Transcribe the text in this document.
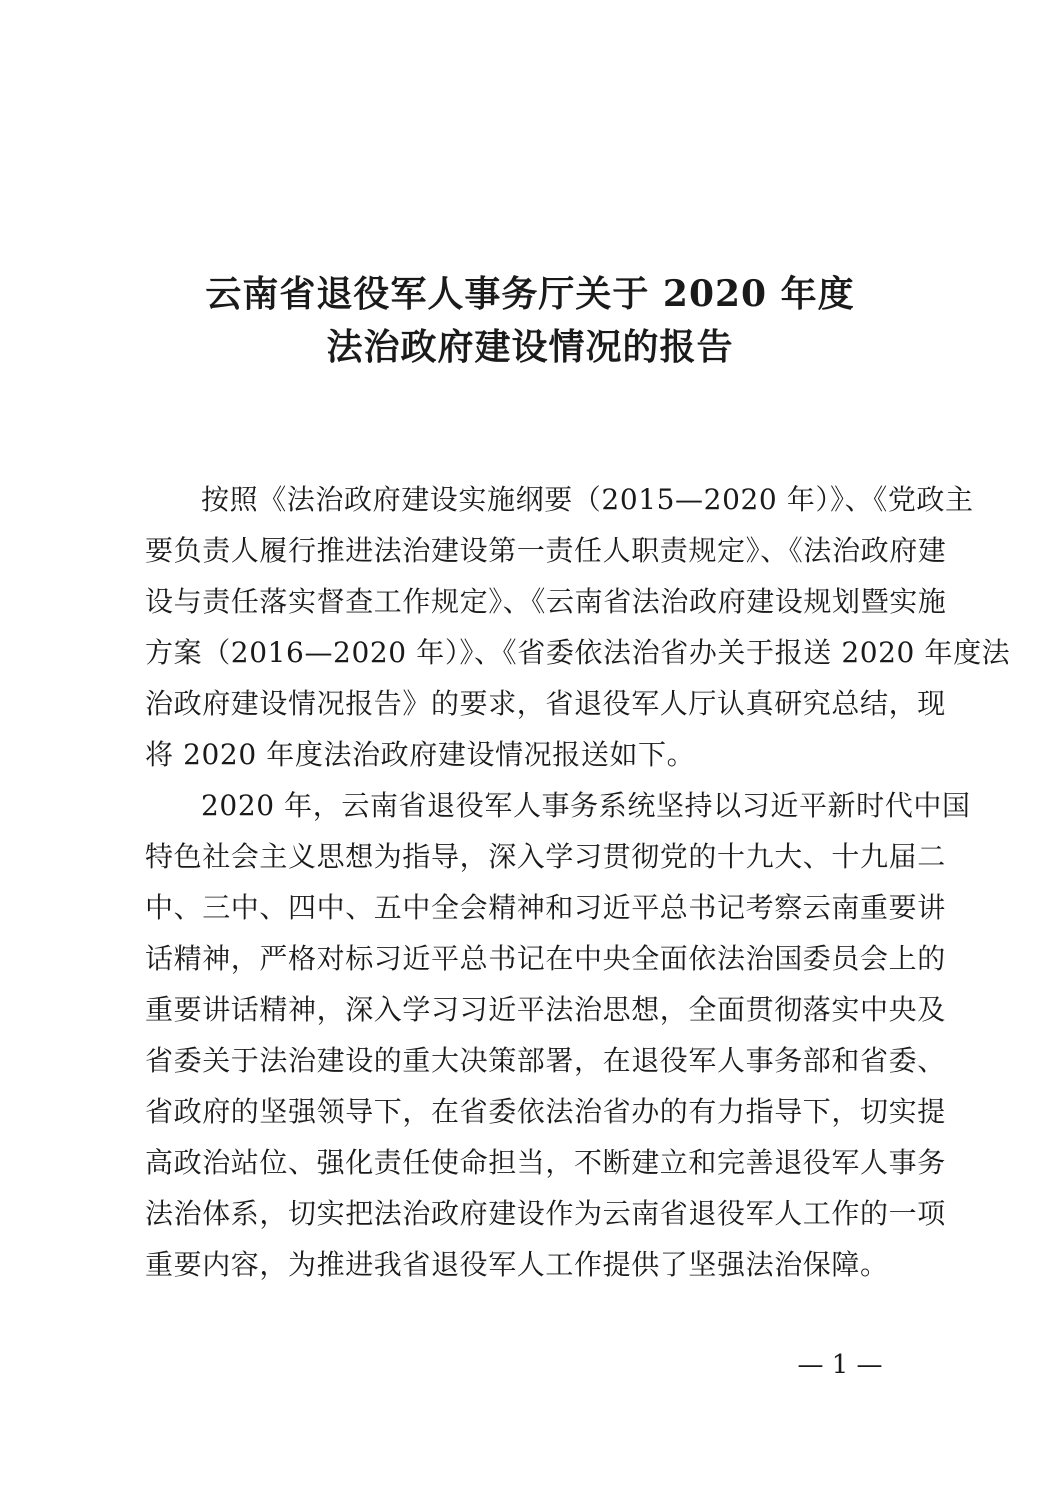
云南省退役军人事务厅关于 2020 年度
法治政府建设情况的报告
按照《法治政府建设实施纲要（2015—2020 年）》、《党政主
要负责人履行推进法治建设第一责任人职责规定》、《法治政府建
设与责任落实督查工作规定》、《云南省法治政府建设规划暨实施
方案（2016—2020 年）》、《省委依法治省办关于报送 2020 年度法
治政府建设情况报告》的要求，省退役军人厅认真研究总结，现
将 2020 年度法治政府建设情况报送如下。
2020 年，云南省退役军人事务系统坚持以习近平新时代中国
特色社会主义思想为指导，深入学习贯彻党的十九大、十九届二
中、三中、四中、五中全会精神和习近平总书记考察云南重要讲
话精神，严格对标习近平总书记在中央全面依法治国委员会上的
重要讲话精神，深入学习习近平法治思想，全面贯彻落实中央及
省委关于法治建设的重大决策部署，在退役军人事务部和省委、
省政府的坚强领导下，在省委依法治省办的有力指导下，切实提
高政治站位、强化责任使命担当，不断建立和完善退役军人事务
法治体系，切实把法治政府建设作为云南省退役军人工作的一项
重要内容，为推进我省退役军人工作提供了坚强法治保障。
— 1 —
